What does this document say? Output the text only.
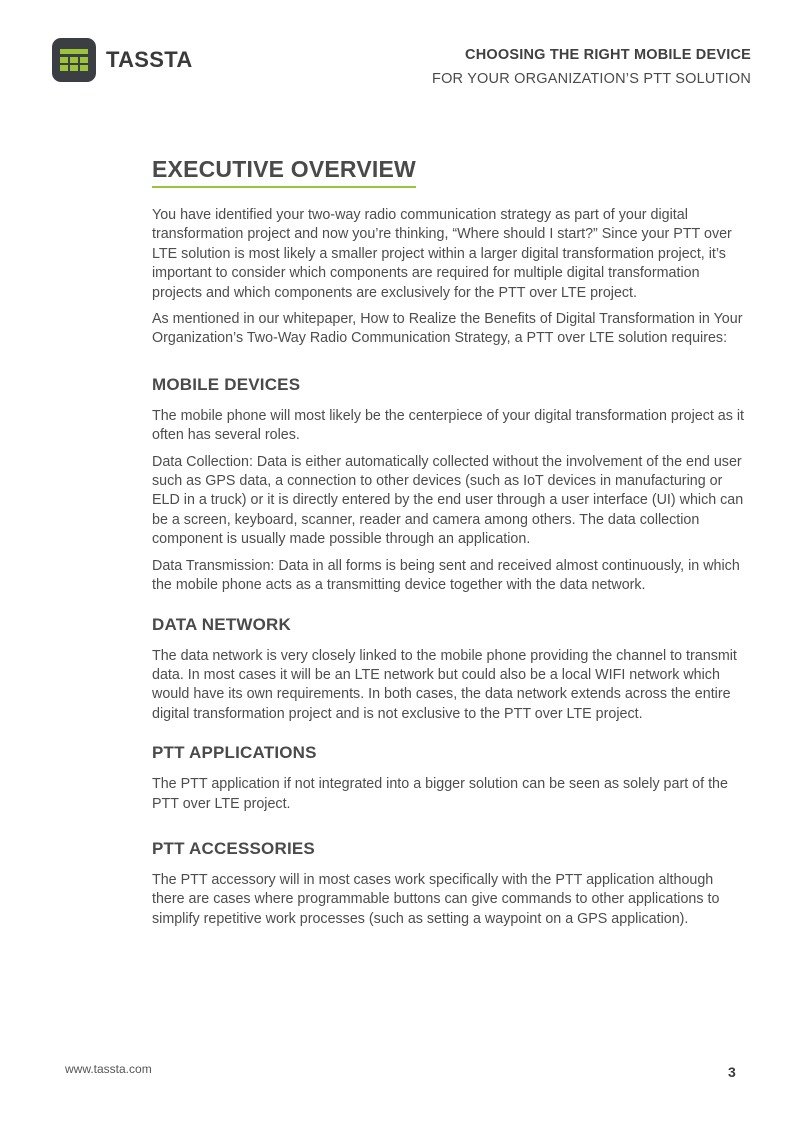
TASSTA	CHOOSING THE RIGHT MOBILE DEVICE
FOR YOUR ORGANIZATION’S PTT SOLUTION
EXECUTIVE OVERVIEW

You have identified your two-way radio communication strategy as part of your digital transformation project and now you’re thinking, “Where should I start?” Since your PTT over LTE solution is most likely a smaller project within a larger digital transformation project, it’s important to consider which components are required for multiple digital transformation projects and which components are exclusively for the PTT over LTE project.

As mentioned in our whitepaper, How to Realize the Benefits of Digital Transformation in Your Organization’s Two-Way Radio Communication Strategy, a PTT over LTE solution requires:

MOBILE DEVICES

The mobile phone will most likely be the centerpiece of your digital transformation project as it often has several roles.

Data Collection: Data is either automatically collected without the involvement of the end user such as GPS data, a connection to other devices (such as IoT devices in manufacturing or ELD in a truck) or it is directly entered by the end user through a user interface (UI) which can be a screen, keyboard, scanner, reader and camera among others. The data collection component is usually made possible through an application.

Data Transmission: Data in all forms is being sent and received almost continuously, in which the mobile phone acts as a transmitting device together with the data network.

DATA NETWORK

The data network is very closely linked to the mobile phone providing the channel to transmit data. In most cases it will be an LTE network but could also be a local WIFI network which would have its own requirements. In both cases, the data network extends across the entire digital transformation project and is not exclusive to the PTT over LTE project.

PTT APPLICATIONS

The PTT application if not integrated into a bigger solution can be seen as solely part of the PTT over LTE project.

PTT ACCESSORIES

The PTT accessory will in most cases work specifically with the PTT application although there are cases where programmable buttons can give commands to other applications to simplify repetitive work processes (such as setting a waypoint on a GPS application).

www.tassta.com	3
